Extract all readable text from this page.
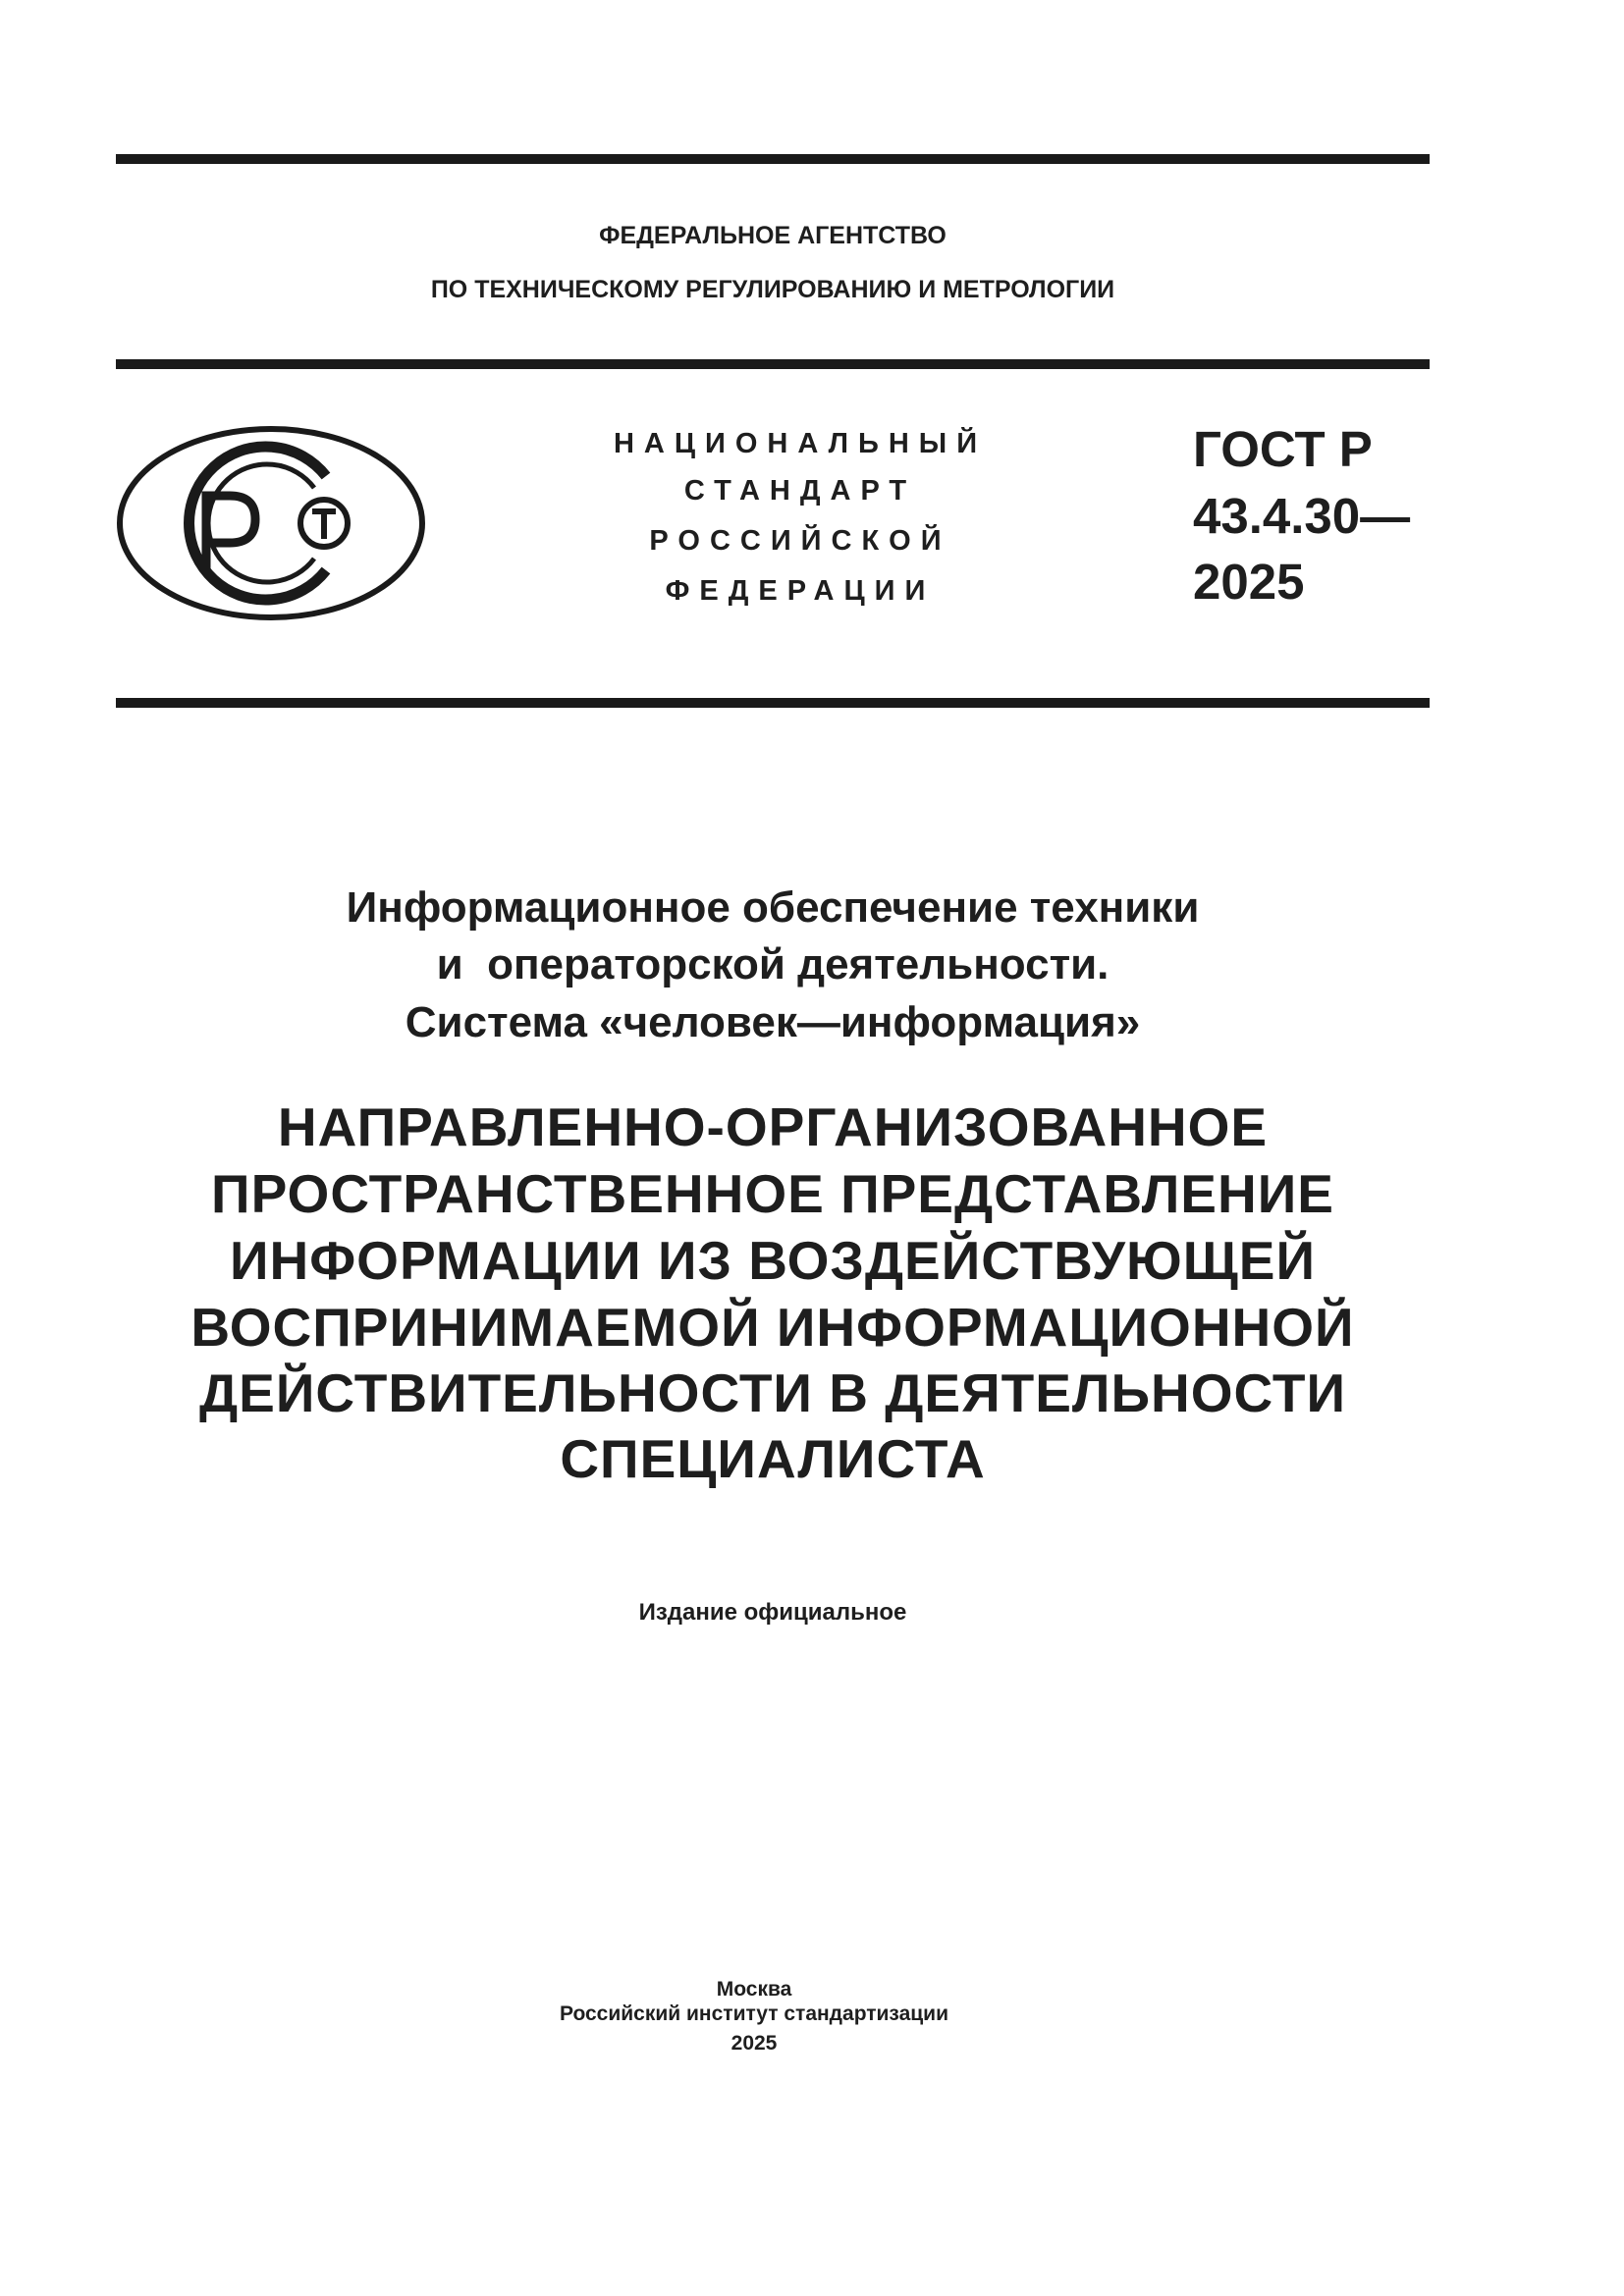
ФЕДЕРАЛЬНОЕ АГЕНТСТВО
ПО ТЕХНИЧЕСКОМУ РЕГУЛИРОВАНИЮ И МЕТРОЛОГИИ
НАЦИОНАЛЬНЫЙ
СТАНДАРТ
РОССИЙСКОЙ
ФЕДЕРАЦИИ
ГОСТ Р
43.4.30—
2025
Информационное обеспечение техники
и  операторской деятельности.
Система «человек—информация»
НАПРАВЛЕННО-ОРГАНИЗОВАННОЕ
ПРОСТРАНСТВЕННОЕ ПРЕДСТАВЛЕНИЕ
ИНФОРМАЦИИ ИЗ ВОЗДЕЙСТВУЮЩЕЙ
ВОСПРИНИМАЕМОЙ ИНФОРМАЦИОННОЙ
ДЕЙСТВИТЕЛЬНОСТИ В ДЕЯТЕЛЬНОСТИ
СПЕЦИАЛИСТА
Издание официальное
Москва
Российский институт стандартизации
2025
